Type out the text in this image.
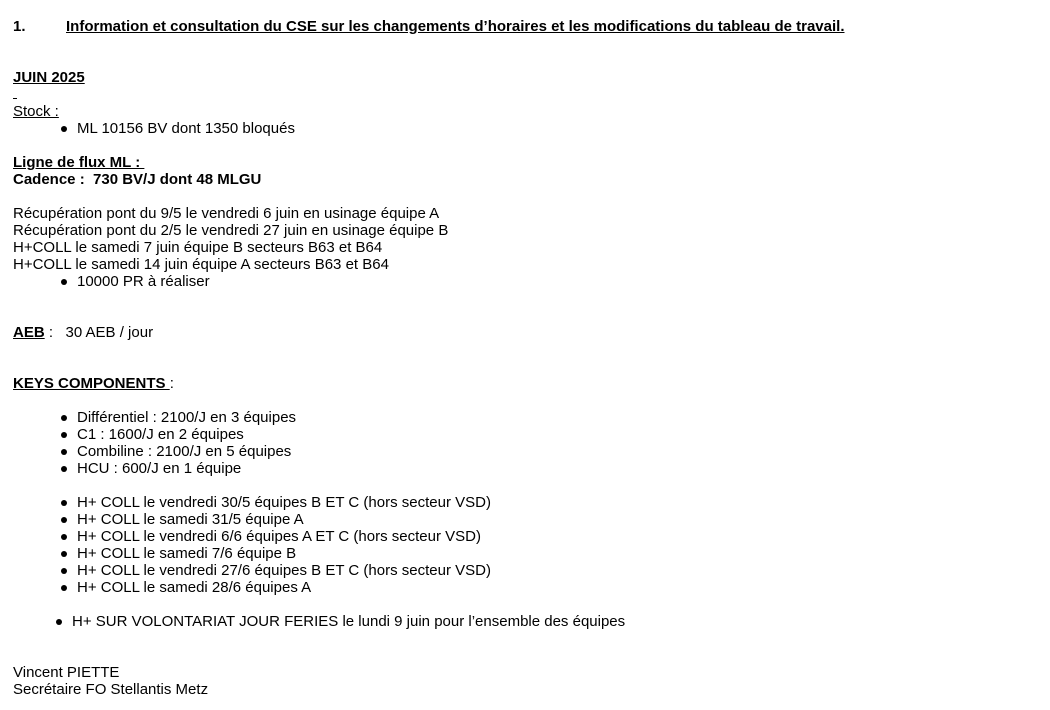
1.	Information et consultation du CSE sur les changements d’horaires et les modifications du tableau de travail.
JUIN 2025
Stock :
ML 10156 BV dont 1350 bloqués
Ligne de flux ML :
Cadence :  730 BV/J dont 48 MLGU
Récupération pont du 9/5 le vendredi 6 juin en usinage équipe A
Récupération pont du 2/5 le vendredi 27 juin en usinage équipe B
H+COLL le samedi 7 juin équipe B secteurs B63 et B64
H+COLL le samedi 14 juin équipe A secteurs B63 et B64
10000 PR à réaliser
AEB :   30 AEB / jour
KEYS COMPONENTS :
Différentiel : 2100/J en 3 équipes
C1 : 1600/J en 2 équipes
Combiline : 2100/J en 5 équipes
HCU : 600/J en 1 équipe
H+ COLL le vendredi 30/5 équipes B ET C (hors secteur VSD)
H+ COLL le samedi 31/5 équipe A
H+ COLL le vendredi 6/6 équipes A ET C (hors secteur VSD)
H+ COLL le samedi 7/6 équipe B
H+ COLL le vendredi 27/6 équipes B ET C (hors secteur VSD)
H+ COLL le samedi 28/6 équipes A
H+ SUR VOLONTARIAT JOUR FERIES le lundi 9 juin pour l’ensemble des équipes
Vincent PIETTE
Secrétaire FO Stellantis Metz
